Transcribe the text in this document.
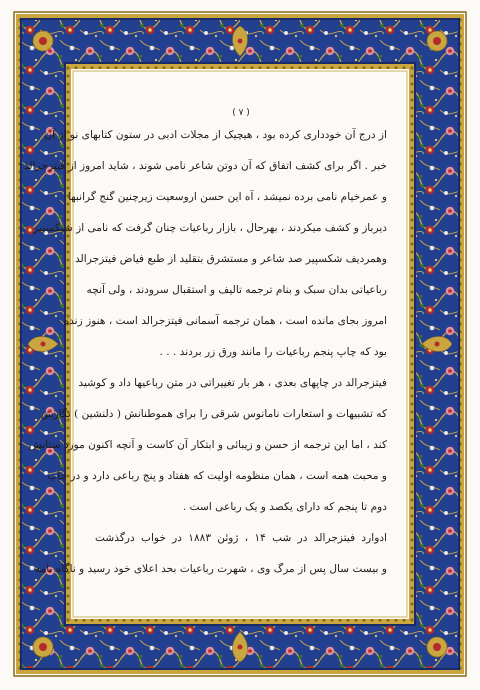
( ۷ )
از درج آن خودداری کرده بود ، هیچیک از مجلات ادبی در ستون کتابهای نو از آن
خبر . اگر برای کشف اتفاق که آن دوتن شاعر نامی شوند ، شاید امروز از فیتزجرالد
و عمرخیام نامی برده نمیشد ، آه این حسن اروسعیت زیرچنین گنج گرانبها
دیرباز و کشف میکردند ، بهرحال ، بازار رباعیات چنان گرفت که نامی از شیکسپیر
وهمردیف شکسپیر صد شاعر و مستشرق بتقلید از طبع فیاض فیتزجرالد
رباعیاتی بدان سبک و بنام ترجمه تالیف و استقبال سرودند ، ولی آنچه
امروز بجای مانده است ، همان ترجمه آسمانی فیتزجرالد است ، هنوز زنده
بود که چاپ پنجم رباعیات را مانند ورق زر بردند . . .
فیتزجرالد در چاپهای بعدی ، هر بار تغییراتی در متن رباعیها داد و کوشید
که تشبیهات و استعارات نامانوس شرقی را برای هموطنانش ( دلنشین ) نگارش
کند ، اما این ترجمه از حسن و زیبائی و ابتکار آن کاست و آنچه اکنون مورد ستایش
و محبت همه است ، همان منظومه اولیت که هفتاد و پنج رباعی دارد و در چاپ
دوم تا پنجم که دارای یکصد و یک رباعی است .
ادوارد فیتزجرالد در شب ۱۴ ، ژوئن ۱۸۸۳ در خواب درگذشت
و بیست سال پس از مرگ وی ، شهرت رباعیات بحد اعلای خود رسید و ناگاه نامه
